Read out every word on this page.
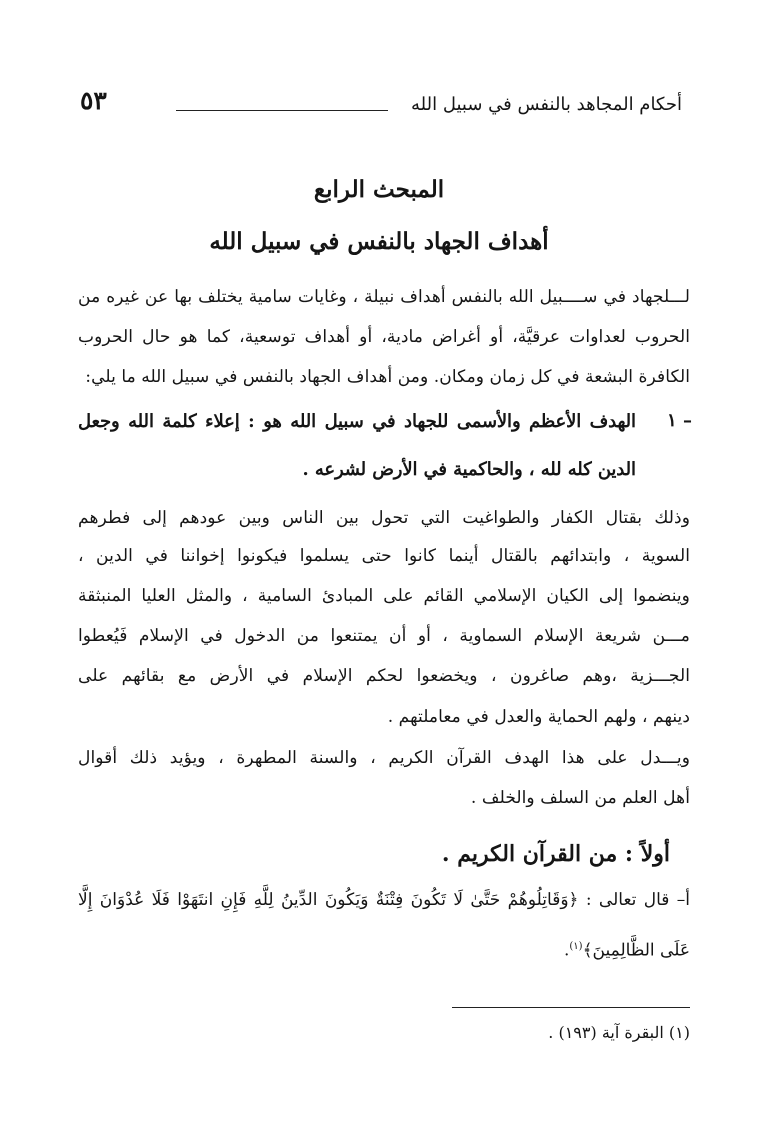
٥٣	أحكام المجاهد بالنفس في سبيل الله
المبحث الرابع
أهداف الجهاد بالنفس في سبيل الله
لـــلجهاد في ســــبيل الله بالنفس أهداف نبيلة ، وغايات سامية يختلف بها عن غيره من
الحروب لعداوات عرقيَّة، أو أغراض مادية، أو أهداف توسعية، كما هو حال الحروب
الكافرة البشعة في كل زمان ومكان. ومن أهداف الجهاد بالنفس في سبيل الله ما يلي:
١ –
الهدف الأعظم والأسمى للجهاد في سبيل الله هو : إعلاء كلمة الله وجعل
الدين كله لله ، والحاكمية في الأرض لشرعه .
وذلك بقتال الكفار والطواغيت التي تحول بين الناس وبين عودهم إلى فطرهم
السوية ، وابتدائهم بالقتال أينما كانوا حتى يسلموا فيكونوا إخواننا في الدين ،
وينضموا إلى الكيان الإسلامي القائم على المبادئ السامية ، والمثل العليا المنبثقة
مـــن شريعة الإسلام السماوية ، أو أن يمتنعوا من الدخول في الإسلام فَيُعطوا
الجـــزية ،وهم صاغرون ، ويخضعوا لحكم الإسلام في الأرض مع بقائهم على
دينهم ، ولهم الحماية والعدل في معاملتهم .
ويـــدل على هذا الهدف القرآن الكريم ، والسنة المطهرة ، ويؤيد ذلك أقوال
أهل العلم من السلف والخلف .
أولاً : من القرآن الكريم .
أ– قال تعالى : ﴿وَقَاتِلُوهُمْ حَتَّىٰ لَا تَكُونَ فِتْنَةٌ وَيَكُونَ الدِّينُ لِلَّهِ فَإِنِ انتَهَوْا فَلَا عُدْوَانَ إِلَّا
عَلَى الظَّالِمِينَ﴾$^{(١)}$.
(١) البقرة آية (١٩٣) .
